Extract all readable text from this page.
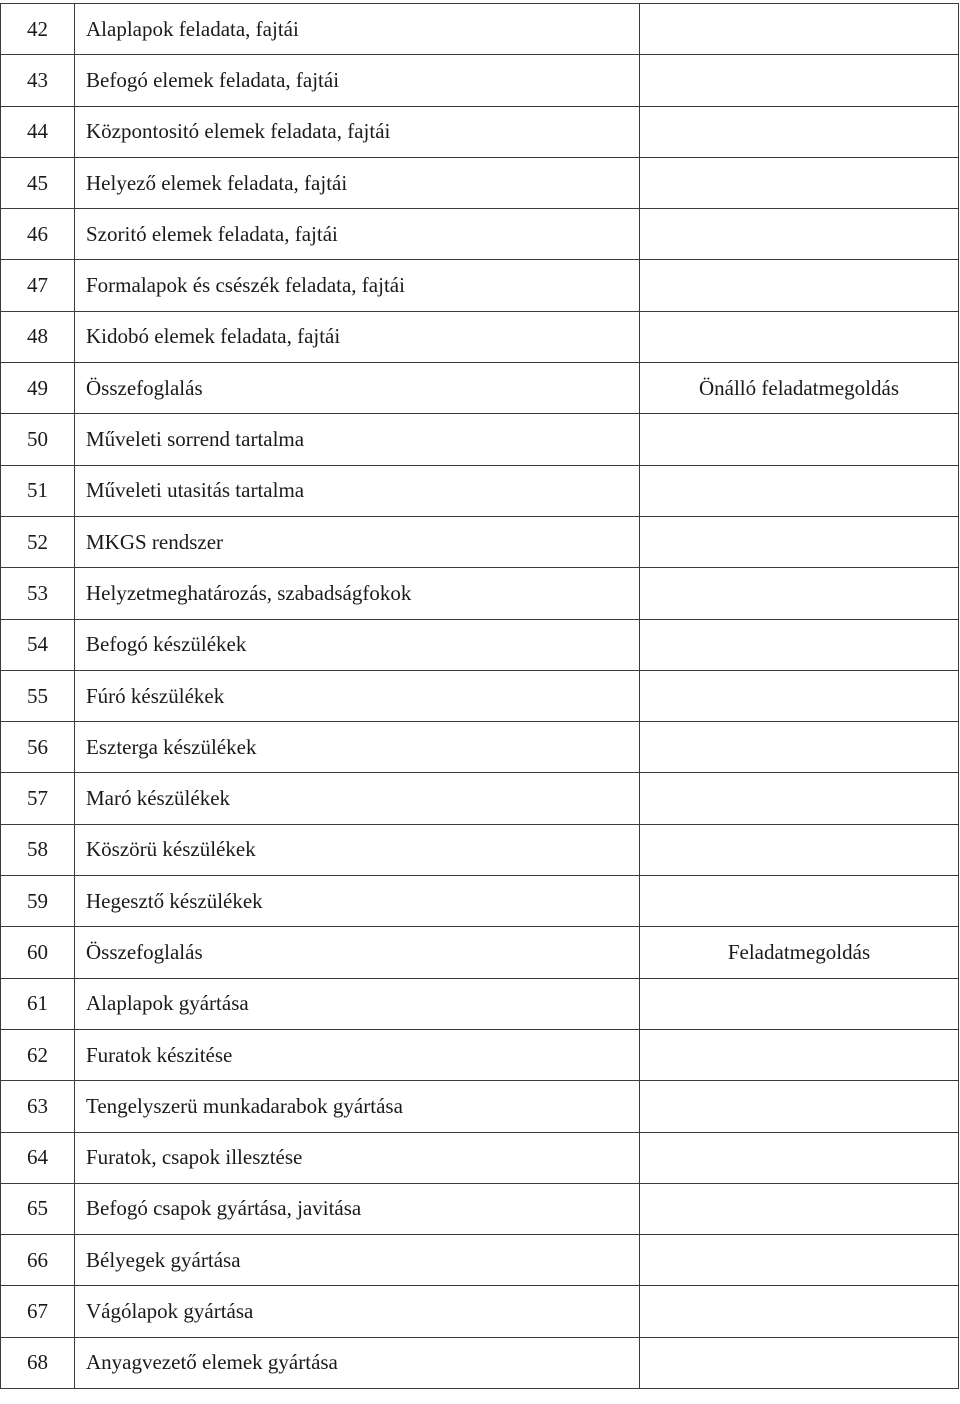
42	Alaplapok feladata, fajtái	
43	Befogó elemek feladata, fajtái	
44	Központositó elemek feladata, fajtái	
45	Helyező elemek feladata, fajtái	
46	Szoritó elemek feladata, fajtái	
47	Formalapok és csészék feladata, fajtái	
48	Kidobó elemek feladata, fajtái	
49	Összefoglalás	Önálló feladatmegoldás
50	Műveleti sorrend tartalma	
51	Műveleti utasitás tartalma	
52	MKGS rendszer	
53	Helyzetmeghatározás, szabadságfokok	
54	Befogó készülékek	
55	Fúró készülékek	
56	Eszterga készülékek	
57	Maró készülékek	
58	Köszörü készülékek	
59	Hegesztő készülékek	
60	Összefoglalás	Feladatmegoldás
61	Alaplapok gyártása	
62	Furatok készitése	
63	Tengelyszerü munkadarabok gyártása	
64	Furatok, csapok illesztése	
65	Befogó csapok gyártása, javitása	
66	Bélyegek gyártása	
67	Vágólapok gyártása	
68	Anyagvezető elemek gyártása	
